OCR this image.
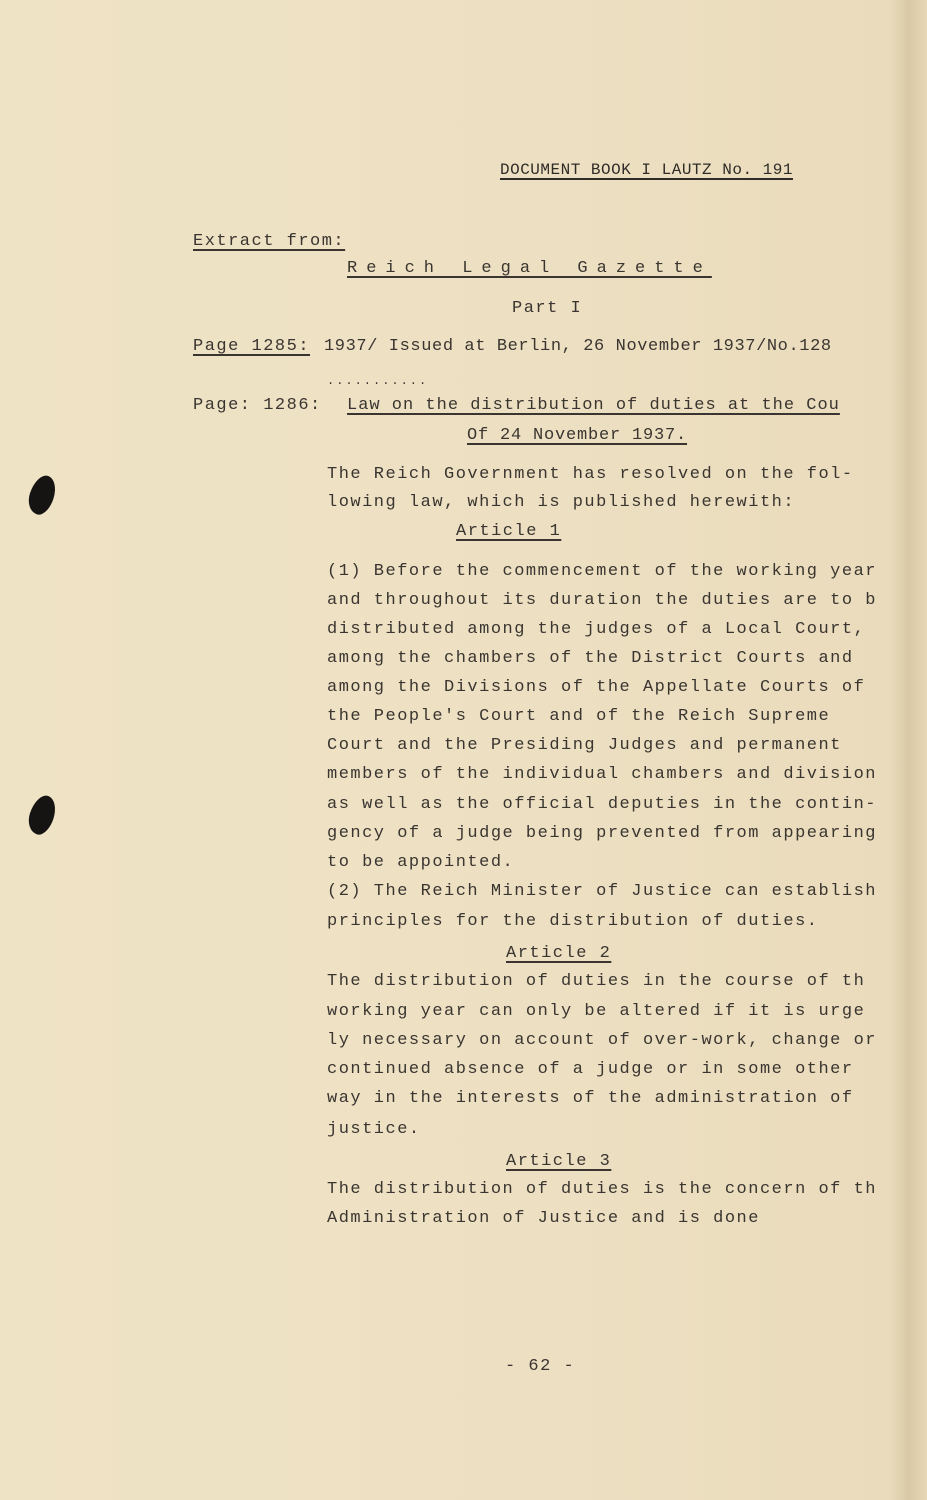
DOCUMENT BOOK I LAUTZ No. 191
Extract from:
Reich Legal Gazette
Part I
Page 1285: 1937/ Issued at Berlin, 26 November 1937/No.128
...........
Page: 1286: Law on the distribution of duties at the Cou
Of 24 November 1937.
The Reich Government has resolved on the fol-
lowing law, which is published herewith:
Article 1
(1) Before the commencement of the working year
and throughout its duration the duties are to b
distributed among the judges of a Local Court,
among the chambers of the District Courts and
among the Divisions of the Appellate Courts of
the People's Court and of the Reich Supreme
Court and the Presiding Judges and permanent
members of the individual chambers and division
as well as the official deputies in the contin-
gency of a judge being prevented from appearing
to be appointed.
(2) The Reich Minister of Justice can establish
principles for the distribution of duties.
Article 2
The distribution of duties in the course of th
working year can only be altered if it is urge
ly necessary on account of over-work, change or
continued absence of a judge or in some other
way in the interests of the administration of
justice.
Article 3
The distribution of duties is the concern of th
Administration of Justice and is done
- 62 -
